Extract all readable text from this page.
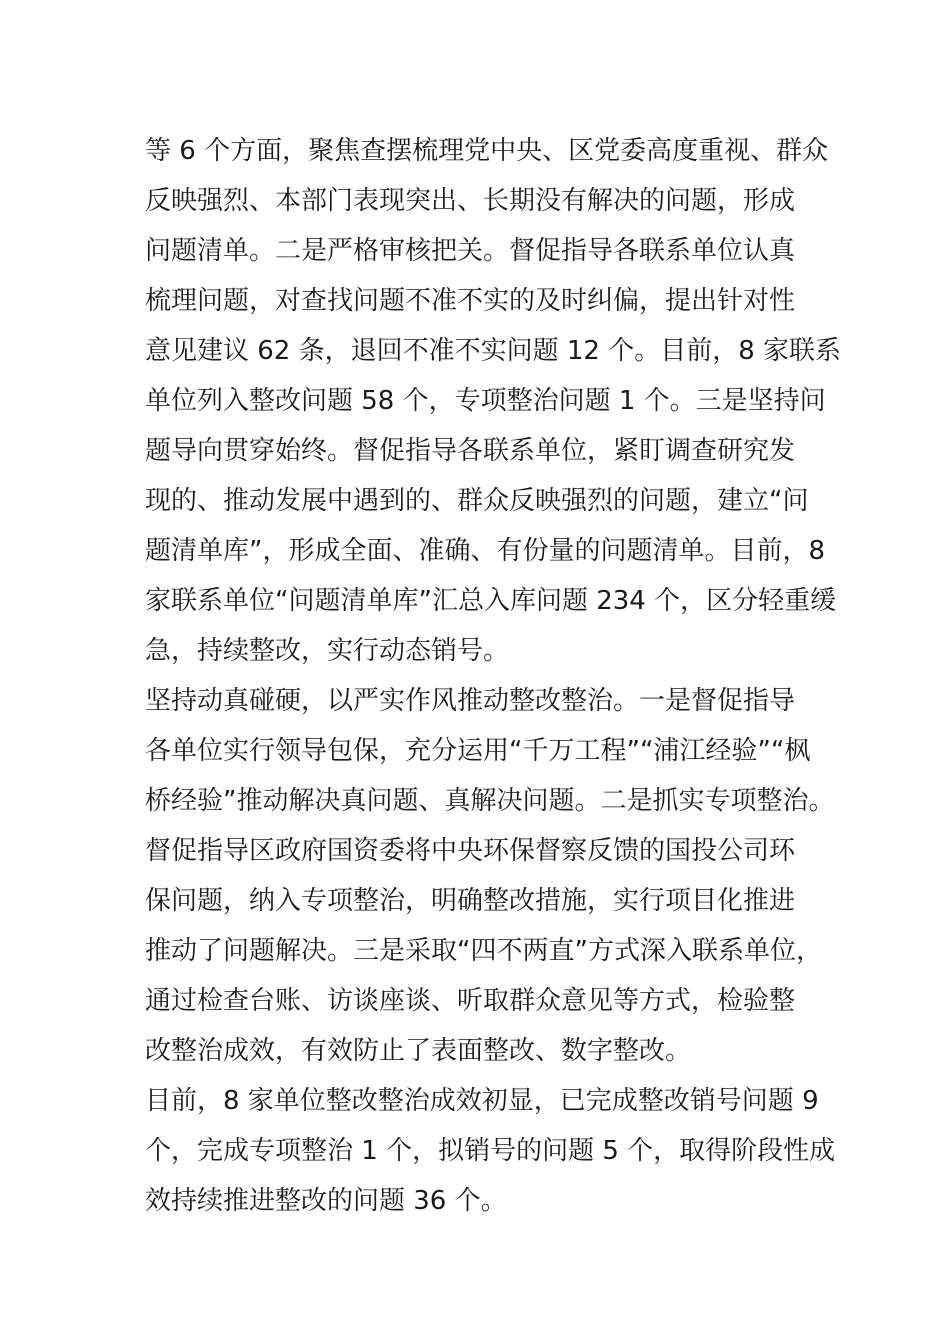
等 6 个方面，聚焦查摆梳理党中央、区党委高度重视、群众
反映强烈、本部门表现突出、长期没有解决的问题，形成
问题清单。二是严格审核把关。督促指导各联系单位认真
梳理问题，对查找问题不准不实的及时纠偏，提出针对性
意见建议 62 条，退回不准不实问题 12 个。目前，8 家联系
单位列入整改问题 58 个，专项整治问题 1 个。三是坚持问
题导向贯穿始终。督促指导各联系单位，紧盯调查研究发
现的、推动发展中遇到的、群众反映强烈的问题，建立“问
题清单库”，形成全面、准确、有份量的问题清单。目前，8
家联系单位“问题清单库”汇总入库问题 234 个，区分轻重缓
急，持续整改，实行动态销号。
坚持动真碰硬，以严实作风推动整改整治。一是督促指导
各单位实行领导包保，充分运用“千万工程”“浦江经验”“枫
桥经验”推动解决真问题、真解决问题。二是抓实专项整治。
督促指导区政府国资委将中央环保督察反馈的国投公司环
保问题，纳入专项整治，明确整改措施，实行项目化推进
推动了问题解决。三是采取“四不两直”方式深入联系单位，
通过检查台账、访谈座谈、听取群众意见等方式，检验整
改整治成效，有效防止了表面整改、数字整改。
目前，8 家单位整改整治成效初显，已完成整改销号问题 9
个，完成专项整治 1 个，拟销号的问题 5 个，取得阶段性成
效持续推进整改的问题 36 个。
